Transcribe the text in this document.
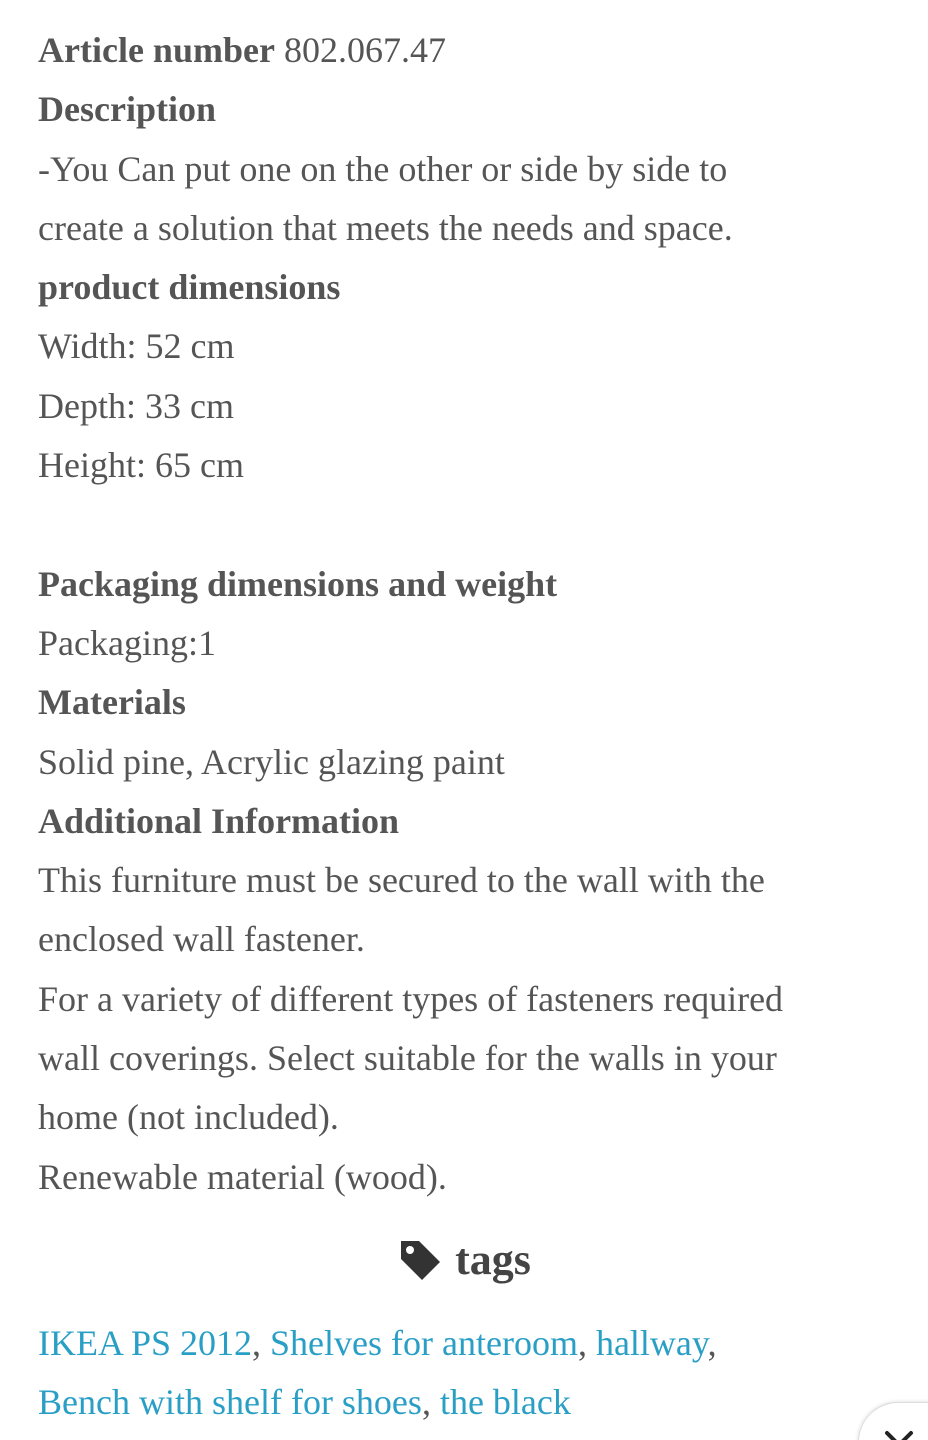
Article number 802.067.47
Description
-You Can put one on the other or side by side to
create a solution that meets the needs and space.
product dimensions
Width: 52 cm
Depth: 33 cm
Height: 65 cm
Packaging dimensions and weight
Packaging:1
Materials
Solid pine, Acrylic glazing paint
Additional Information
This furniture must be secured to the wall with the
enclosed wall fastener.
For a variety of different types of fasteners required
wall coverings. Select suitable for the walls in your
home (not included).
Renewable material (wood).
tags
IKEA PS 2012, Shelves for anteroom, hallway,
Bench with shelf for shoes, the black
